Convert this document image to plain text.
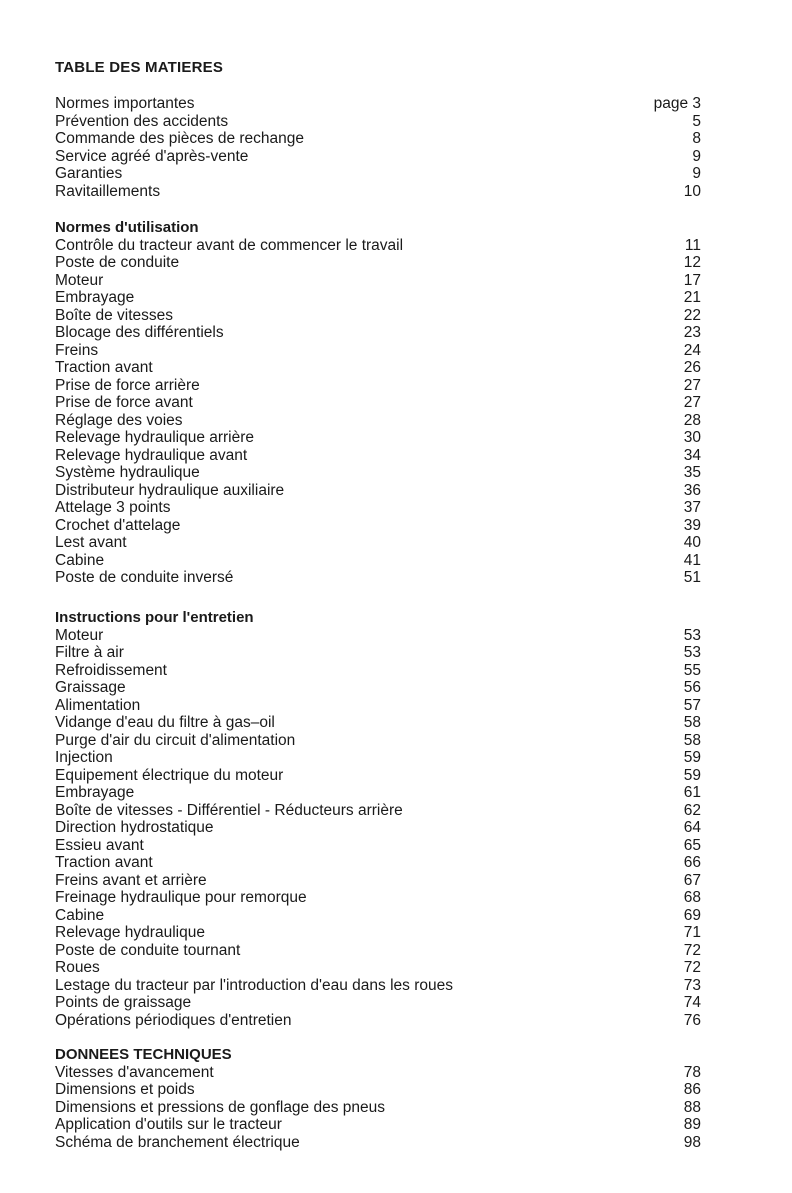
TABLE DES MATIERES
Normes importantes	page 3
Prévention des accidents	5
Commande des pièces de rechange	8
Service agréé d'après-vente	9
Garanties	9
Ravitaillements	10
Normes d'utilisation
Contrôle du tracteur avant de commencer le travail	11
Poste de conduite	12
Moteur	17
Embrayage	21
Boîte de vitesses	22
Blocage des différentiels	23
Freins	24
Traction avant	26
Prise de force arrière	27
Prise de force avant	27
Réglage des voies	28
Relevage hydraulique arrière	30
Relevage hydraulique avant	34
Système hydraulique	35
Distributeur hydraulique auxiliaire	36
Attelage 3 points	37
Crochet d'attelage	39
Lest avant	40
Cabine	41
Poste de conduite inversé	51
Instructions pour l'entretien
Moteur	53
Filtre à air	53
Refroidissement	55
Graissage	56
Alimentation	57
Vidange d'eau du filtre à gas–oil	58
Purge d'air du circuit d'alimentation	58
Injection	59
Equipement électrique du moteur	59
Embrayage	61
Boîte de vitesses - Différentiel - Réducteurs arrière	62
Direction hydrostatique	64
Essieu avant	65
Traction avant	66
Freins avant et arrière	67
Freinage hydraulique pour remorque	68
Cabine	69
Relevage hydraulique	71
Poste de conduite tournant	72
Roues	72
Lestage du tracteur par l'introduction d'eau dans les roues	73
Points de graissage	74
Opérations périodiques d'entretien	76
DONNEES TECHNIQUES
Vitesses d'avancement	78
Dimensions et poids	86
Dimensions et pressions de gonflage des pneus	88
Application d'outils sur le tracteur	89
Schéma de branchement électrique	98
